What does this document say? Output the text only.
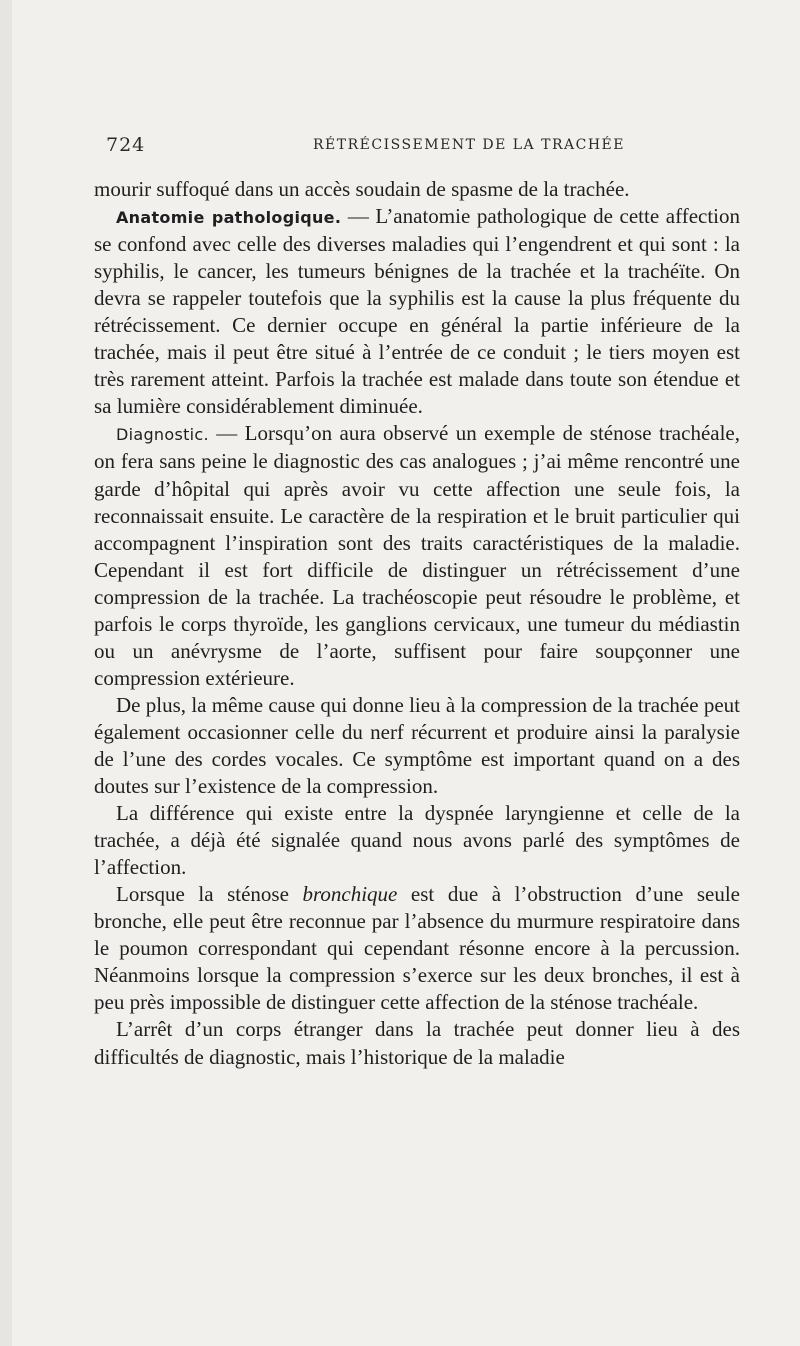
724	RÉTRÉCISSEMENT DE LA TRACHÉE

mourir suffoqué dans un accès soudain de spasme de la trachée.

Anatomie pathologique. — L’anatomie pathologique de cette affection se confond avec celle des diverses maladies qui l’engendrent et qui sont : la syphilis, le cancer, les tumeurs bénignes de la trachée et la trachéïte. On devra se rappeler toutefois que la syphilis est la cause la plus fréquente du rétrécissement. Ce dernier occupe en général la partie inférieure de la trachée, mais il peut être situé à l’entrée de ce conduit ; le tiers moyen est très rarement atteint. Parfois la trachée est malade dans toute son étendue et sa lumière considérablement diminuée.

Diagnostic. — Lorsqu’on aura observé un exemple de sténose trachéale, on fera sans peine le diagnostic des cas analogues ; j’ai même rencontré une garde d’hôpital qui après avoir vu cette affection une seule fois, la reconnaissait ensuite. Le caractère de la respiration et le bruit particulier qui accompagnent l’inspiration sont des traits caractéristiques de la maladie. Cependant il est fort difficile de distinguer un rétrécissement d’une compression de la trachée. La trachéoscopie peut résoudre le problème, et parfois le corps thyroïde, les ganglions cervicaux, une tumeur du médiastin ou un anévrysme de l’aorte, suffisent pour faire soupçonner une compression extérieure.

De plus, la même cause qui donne lieu à la compression de la trachée peut également occasionner celle du nerf récurrent et produire ainsi la paralysie de l’une des cordes vocales. Ce symptôme est important quand on a des doutes sur l’existence de la compression.

La différence qui existe entre la dyspnée laryngienne et celle de la trachée, a déjà été signalée quand nous avons parlé des symptômes de l’affection.

Lorsque la sténose bronchique est due à l’obstruction d’une seule bronche, elle peut être reconnue par l’absence du murmure respiratoire dans le poumon correspondant qui cependant résonne encore à la percussion. Néanmoins lorsque la compression s’exerce sur les deux bronches, il est à peu près impossible de distinguer cette affection de la sténose trachéale.

L’arrêt d’un corps étranger dans la trachée peut donner lieu à des difficultés de diagnostic, mais l’historique de la maladie
